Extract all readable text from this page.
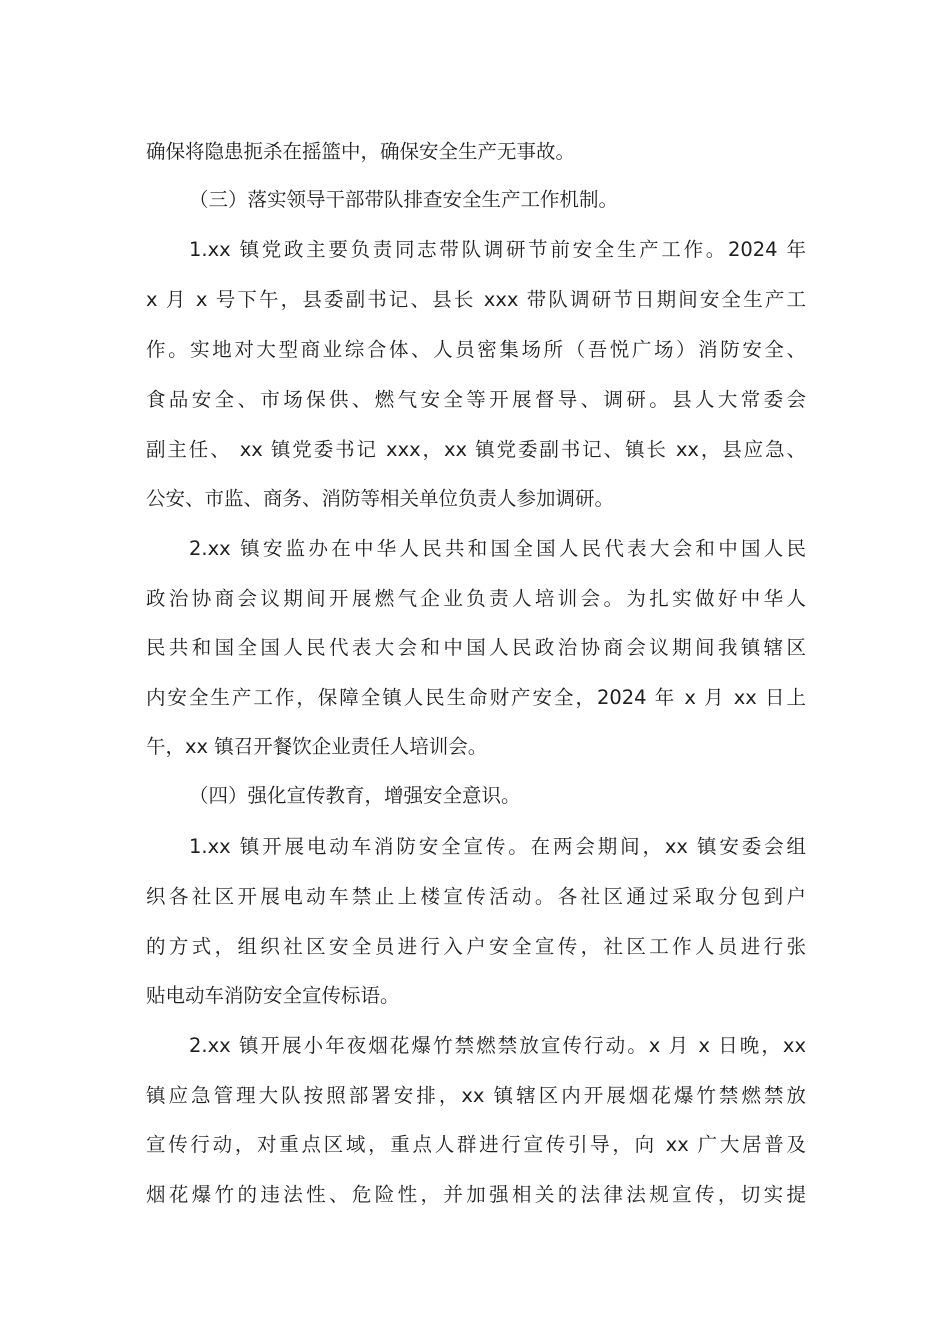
确保将隐患扼杀在摇篮中，确保安全生产无事故。
（三）落实领导干部带队排查安全生产工作机制。
1.xx 镇党政主要负责同志带队调研节前安全生产工作。2024 年
x 月 x 号下午，县委副书记、县长 xxx 带队调研节日期间安全生产工
作。实地对大型商业综合体、人员密集场所（吾悦广场）消防安全、
食品安全、市场保供、燃气安全等开展督导、调研。县人大常委会
副主任、 xx 镇党委书记 xxx，xx 镇党委副书记、镇长 xx，县应急、
公安、市监、商务、消防等相关单位负责人参加调研。
2.xx 镇安监办在中华人民共和国全国人民代表大会和中国人民
政治协商会议期间开展燃气企业负责人培训会。为扎实做好中华人
民共和国全国人民代表大会和中国人民政治协商会议期间我镇辖区
内安全生产工作，保障全镇人民生命财产安全，2024 年 x 月 xx 日上
午，xx 镇召开餐饮企业责任人培训会。
（四）强化宣传教育，增强安全意识。
1.xx 镇开展电动车消防安全宣传。在两会期间，xx 镇安委会组
织各社区开展电动车禁止上楼宣传活动。各社区通过采取分包到户
的方式，组织社区安全员进行入户安全宣传，社区工作人员进行张
贴电动车消防安全宣传标语。
2.xx 镇开展小年夜烟花爆竹禁燃禁放宣传行动。x 月 x 日晚，xx
镇应急管理大队按照部署安排，xx 镇辖区内开展烟花爆竹禁燃禁放
宣传行动，对重点区域，重点人群进行宣传引导，向 xx 广大居普及
烟花爆竹的违法性、危险性，并加强相关的法律法规宣传，切实提
